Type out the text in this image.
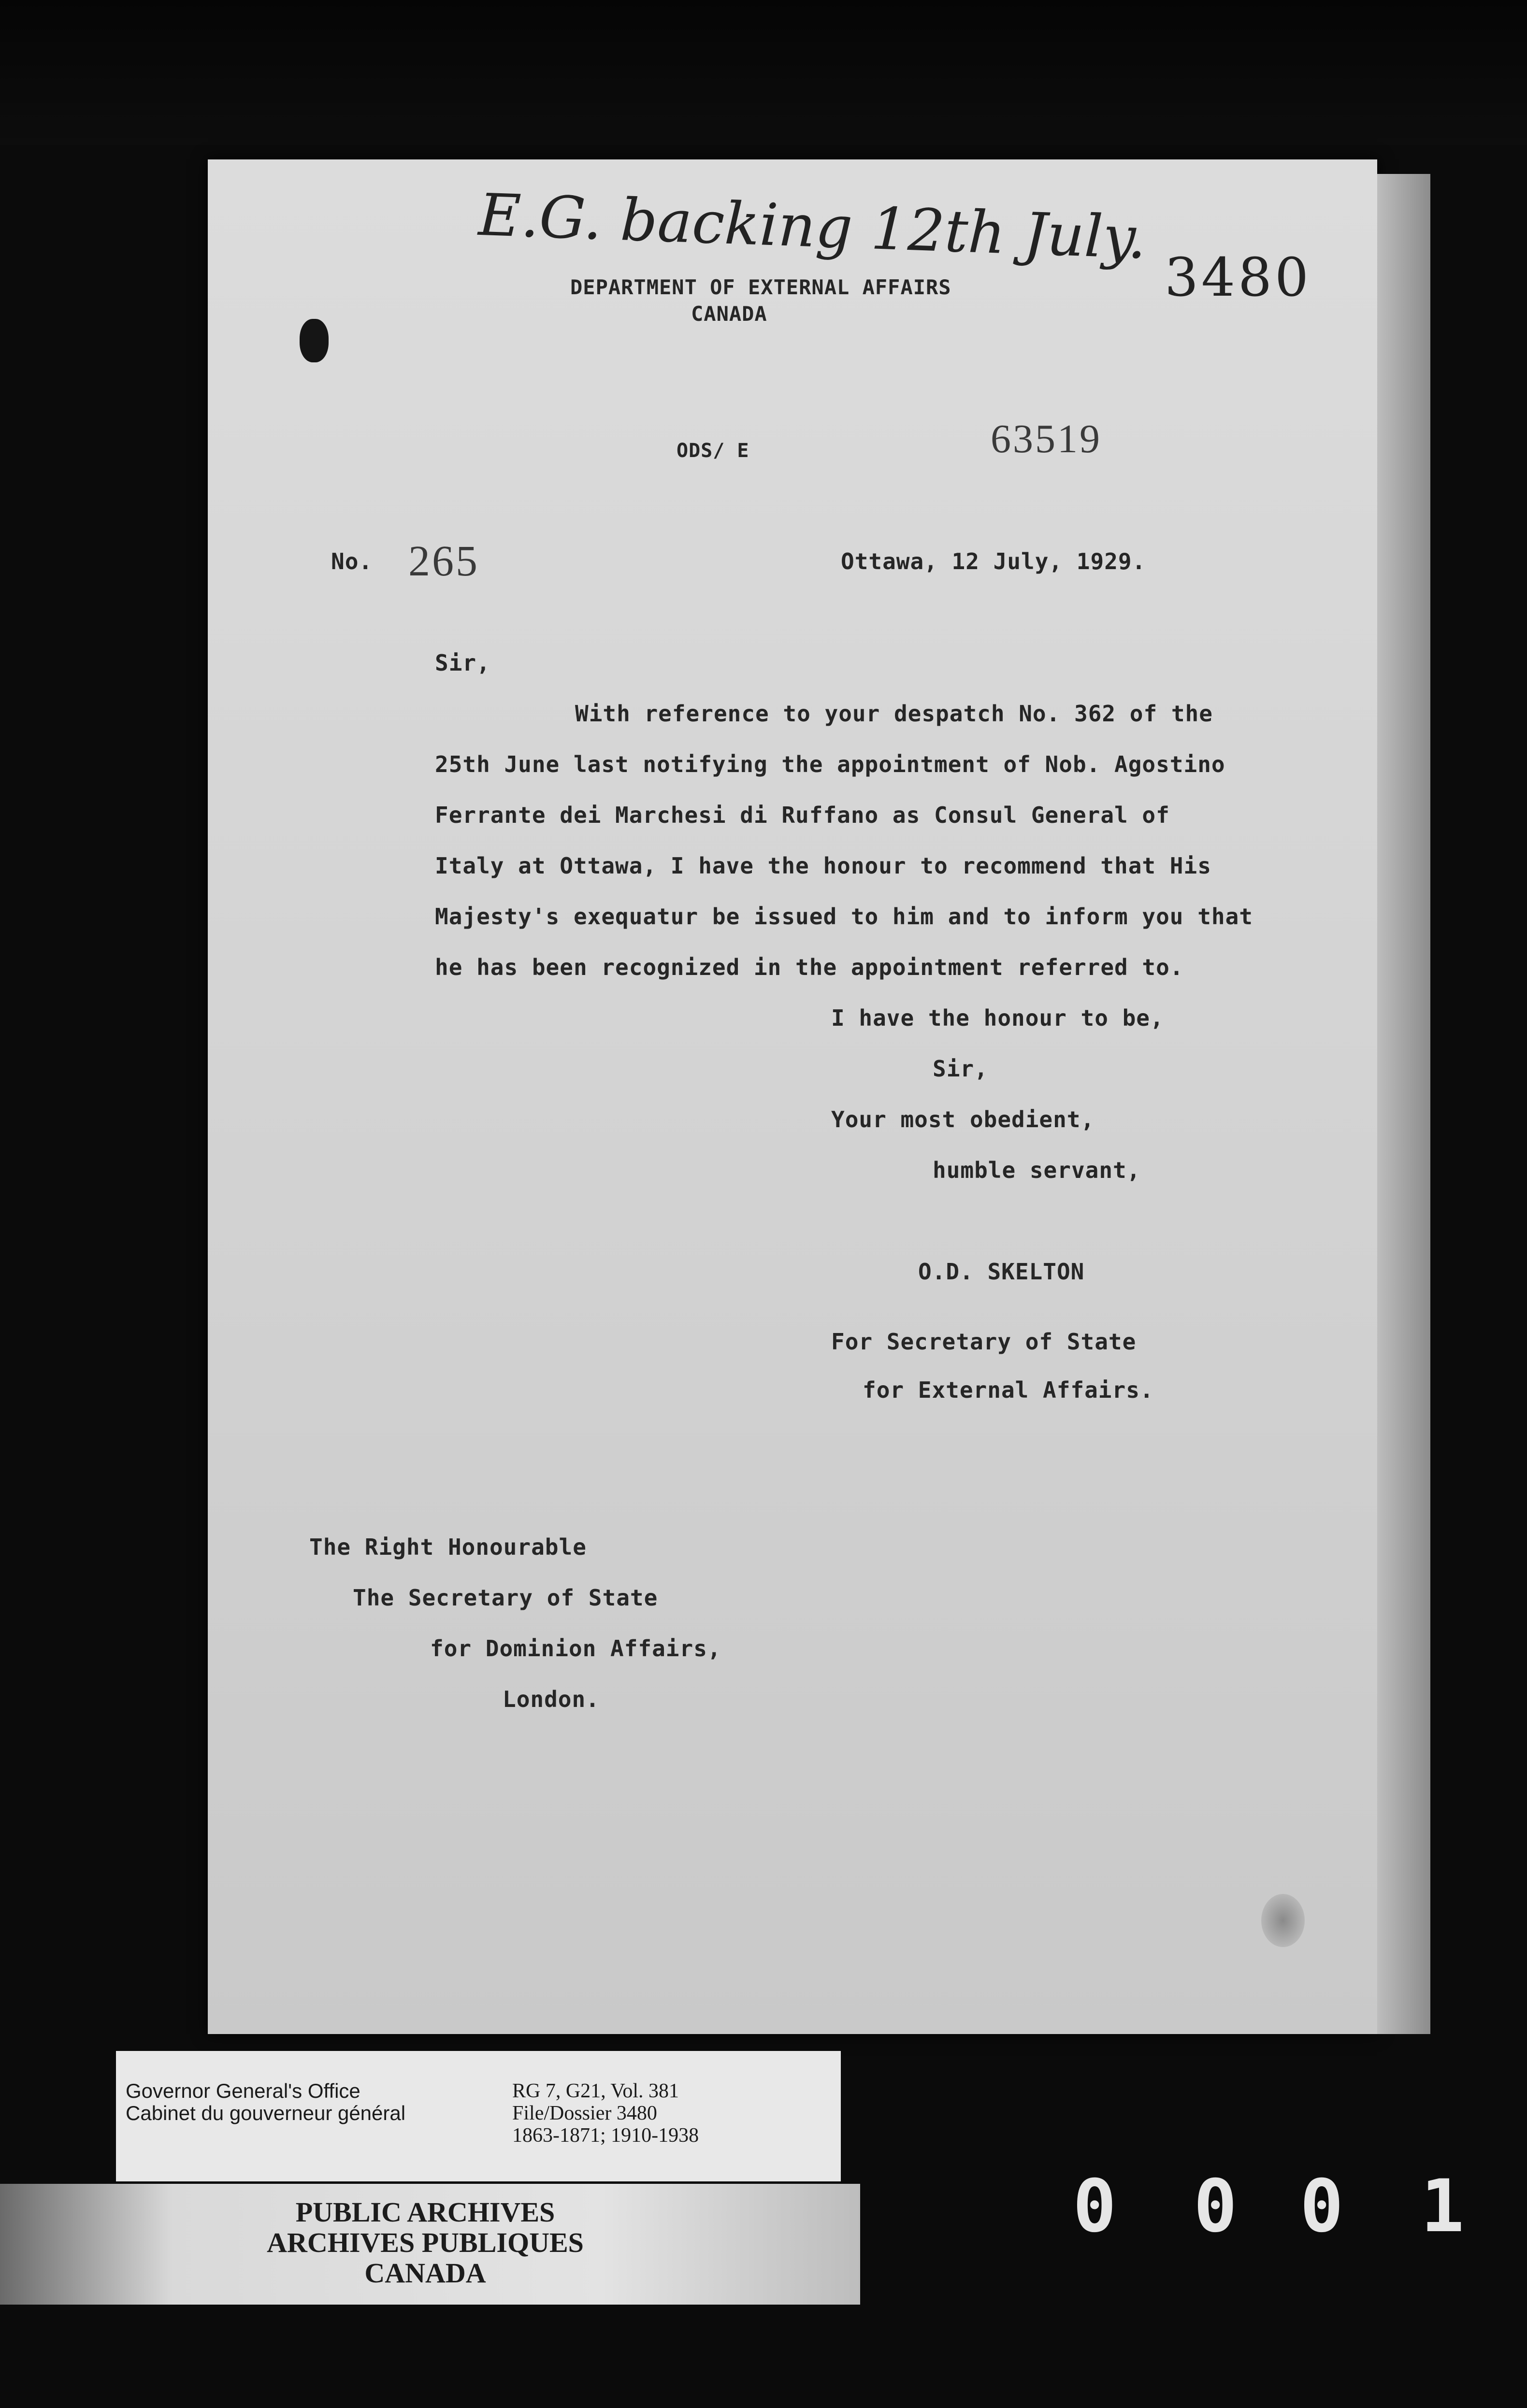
E.G. backing 12th July.
3480
DEPARTMENT OF EXTERNAL AFFAIRS
CANADA
ODS/ E	63519
No. 265	Ottawa, 12 July, 1929.
Sir,
With reference to your despatch No. 362 of the
25th June last notifying the appointment of Nob. Agostino
Ferrante dei Marchesi di Ruffano as Consul General of
Italy at Ottawa, I have the honour to recommend that His
Majesty's exequatur be issued to him and to inform you that
he has been recognized in the appointment referred to.
I have the honour to be,
Sir,
Your most obedient,
humble servant,
O.D. SKELTON
For Secretary of State
for External Affairs.
The Right Honourable
The Secretary of State
for Dominion Affairs,
London.
Governor General's Office
Cabinet du gouverneur général
RG 7, G21, Vol. 381
File/Dossier 3480
1863-1871; 1910-1938
PUBLIC ARCHIVES
ARCHIVES PUBLIQUES
CANADA
0 0 0 1
